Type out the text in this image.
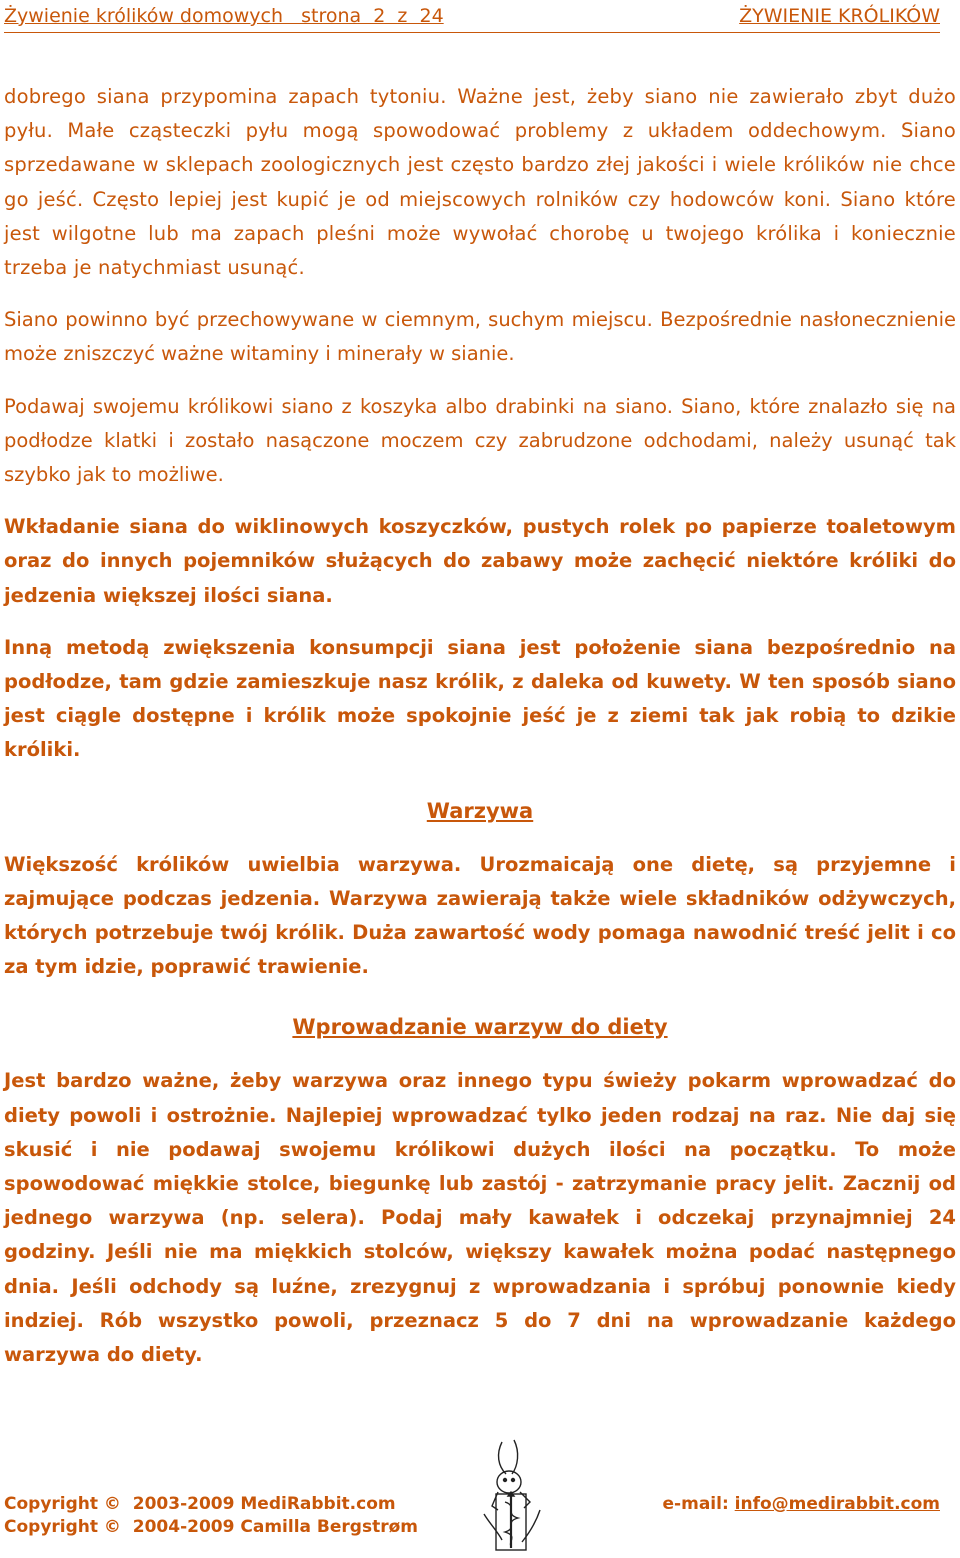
Żywienie królików domowych   strona  2  z  24	ŻYWIENIE KRÓLIKÓW

dobrego siana przypomina zapach tytoniu. Ważne jest, żeby siano nie zawierało zbyt dużo pyłu. Małe cząsteczki pyłu mogą spowodować problemy z układem oddechowym. Siano sprzedawane w sklepach zoologicznych jest często bardzo złej jakości i wiele królików nie chce go jeść. Często lepiej jest kupić je od miejscowych rolników czy hodowców koni. Siano które jest wilgotne lub ma zapach pleśni może wywołać chorobę u twojego królika i koniecznie trzeba je natychmiast usunąć.

Siano powinno być przechowywane w ciemnym, suchym miejscu. Bezpośrednie nasłonecznienie może zniszczyć ważne witaminy i minerały w sianie.

Podawaj swojemu królikowi siano z koszyka albo drabinki na siano. Siano, które znalazło się na podłodze klatki i zostało nasączone moczem czy zabrudzone odchodami, należy usunąć tak szybko jak to możliwe.

Wkładanie siana do wiklinowych koszyczków, pustych rolek po papierze toaletowym oraz do innych pojemników służących do zabawy może zachęcić niektóre króliki do jedzenia większej ilości siana.

Inną metodą zwiększenia konsumpcji siana jest położenie siana bezpośrednio na podłodze, tam gdzie zamieszkuje nasz królik, z daleka od kuwety. W ten sposób siano jest ciągle dostępne i królik może spokojnie jeść je z ziemi tak jak robią to dzikie króliki.

Warzywa

Większość królików uwielbia warzywa. Urozmaicają one dietę, są przyjemne i zajmujące podczas jedzenia. Warzywa zawierają także wiele składników odżywczych, których potrzebuje twój królik. Duża zawartość wody pomaga nawodnić treść jelit i co za tym idzie, poprawić trawienie.

Wprowadzanie warzyw do diety

Jest bardzo ważne, żeby warzywa oraz innego typu świeży pokarm wprowadzać do diety powoli i ostrożnie. Najlepiej wprowadzać tylko jeden rodzaj na raz. Nie daj się skusić i nie podawaj swojemu królikowi dużych ilości na początku. To może spowodować miękkie stolce, biegunkę lub zastój - zatrzymanie pracy jelit. Zacznij od jednego warzywa (np. selera). Podaj mały kawałek i odczekaj przynajmniej 24 godziny. Jeśli nie ma miękkich stolców, większy kawałek można podać następnego dnia. Jeśli odchody są luźne, zrezygnuj z wprowadzania i spróbuj ponownie kiedy indziej. Rób wszystko powoli, przeznacz 5 do 7 dni na wprowadzanie każdego warzywa do diety.

Copyright ©  2003-2009 MediRabbit.com
Copyright ©  2004-2009 Camilla Bergstrøm
e-mail: info@medirabbit.com
